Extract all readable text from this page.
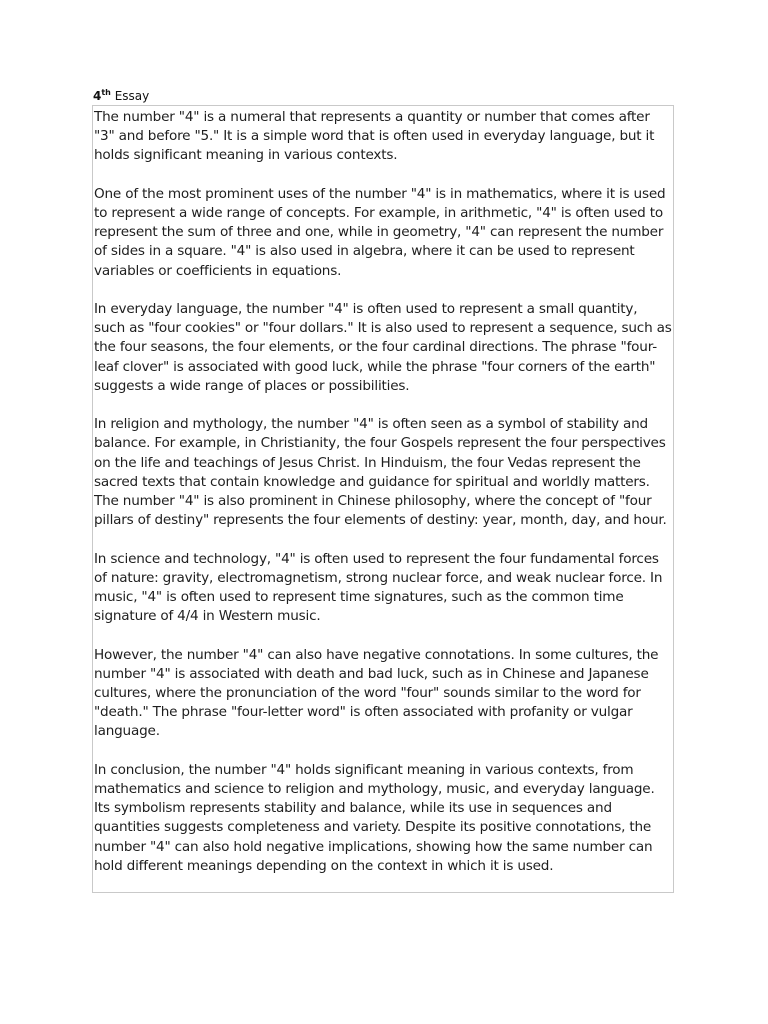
4th Essay

The number "4" is a numeral that represents a quantity or number that comes after "3" and before "5." It is a simple word that is often used in everyday language, but it holds significant meaning in various contexts.

One of the most prominent uses of the number "4" is in mathematics, where it is used to represent a wide range of concepts. For example, in arithmetic, "4" is often used to represent the sum of three and one, while in geometry, "4" can represent the number of sides in a square. "4" is also used in algebra, where it can be used to represent variables or coefficients in equations.

In everyday language, the number "4" is often used to represent a small quantity, such as "four cookies" or "four dollars." It is also used to represent a sequence, such as the four seasons, the four elements, or the four cardinal directions. The phrase "four-leaf clover" is associated with good luck, while the phrase "four corners of the earth" suggests a wide range of places or possibilities.

In religion and mythology, the number "4" is often seen as a symbol of stability and balance. For example, in Christianity, the four Gospels represent the four perspectives on the life and teachings of Jesus Christ. In Hinduism, the four Vedas represent the sacred texts that contain knowledge and guidance for spiritual and worldly matters. The number "4" is also prominent in Chinese philosophy, where the concept of "four pillars of destiny" represents the four elements of destiny: year, month, day, and hour.

In science and technology, "4" is often used to represent the four fundamental forces of nature: gravity, electromagnetism, strong nuclear force, and weak nuclear force. In music, "4" is often used to represent time signatures, such as the common time signature of 4/4 in Western music.

However, the number "4" can also have negative connotations. In some cultures, the number "4" is associated with death and bad luck, such as in Chinese and Japanese cultures, where the pronunciation of the word "four" sounds similar to the word for "death." The phrase "four-letter word" is often associated with profanity or vulgar language.

In conclusion, the number "4" holds significant meaning in various contexts, from mathematics and science to religion and mythology, music, and everyday language. Its symbolism represents stability and balance, while its use in sequences and quantities suggests completeness and variety. Despite its positive connotations, the number "4" can also hold negative implications, showing how the same number can hold different meanings depending on the context in which it is used.
